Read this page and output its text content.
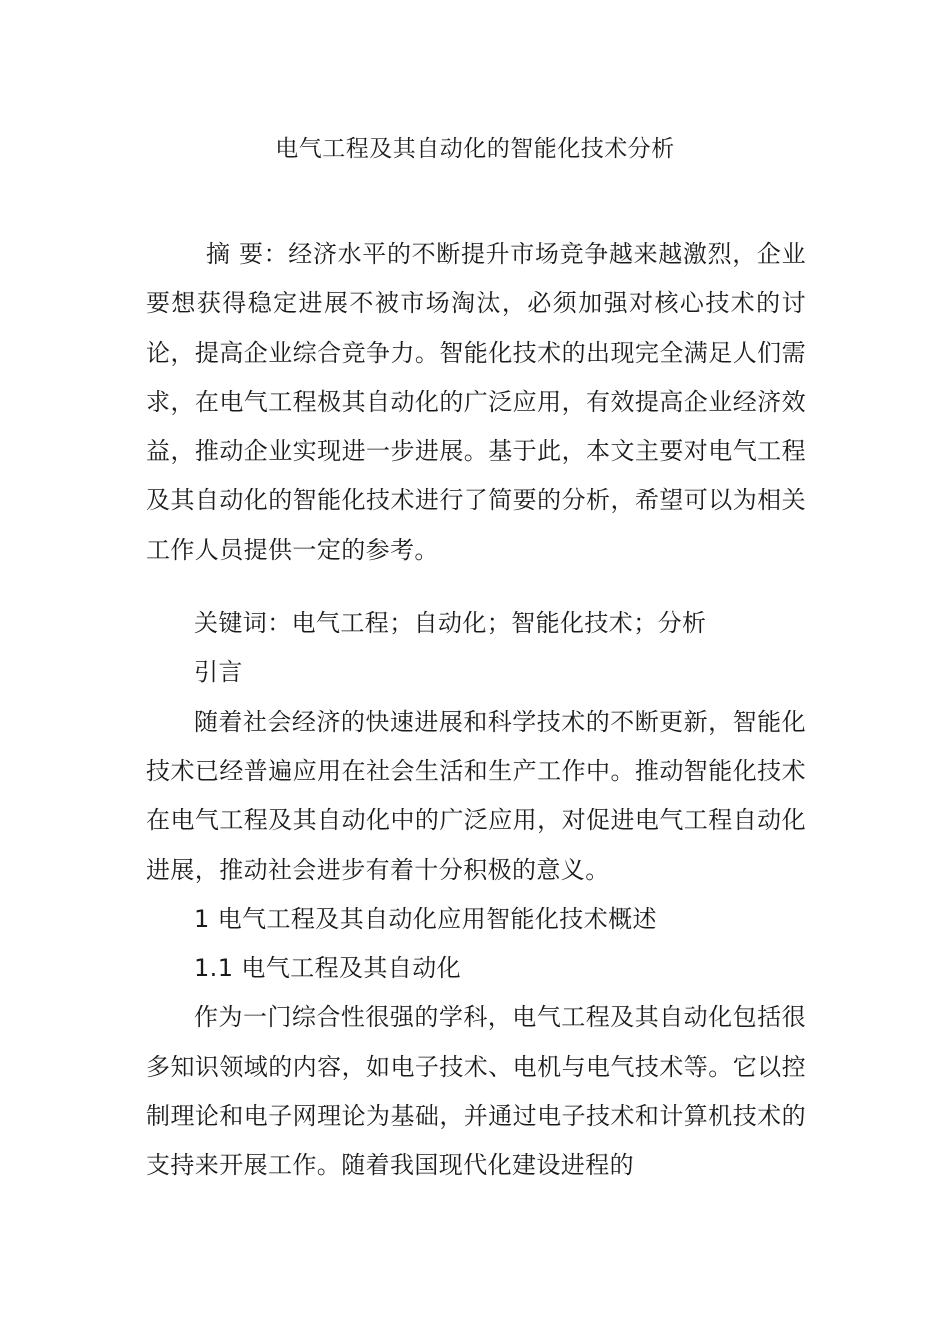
电气工程及其自动化的智能化技术分析

摘 要：经济水平的不断提升市场竞争越来越激烈，企业要想获得稳定进展不被市场淘汰，必须加强对核心技术的讨论，提高企业综合竞争力。智能化技术的出现完全满足人们需求，在电气工程极其自动化的广泛应用，有效提高企业经济效益，推动企业实现进一步进展。基于此，本文主要对电气工程及其自动化的智能化技术进行了简要的分析，希望可以为相关工作人员提供一定的参考。

关键词：电气工程；自动化；智能化技术；分析

引言

随着社会经济的快速进展和科学技术的不断更新，智能化技术已经普遍应用在社会生活和生产工作中。推动智能化技术在电气工程及其自动化中的广泛应用，对促进电气工程自动化进展，推动社会进步有着十分积极的意义。

1 电气工程及其自动化应用智能化技术概述

1.1 电气工程及其自动化

作为一门综合性很强的学科，电气工程及其自动化包括很多知识领域的内容，如电子技术、电机与电气技术等。它以控制理论和电子网理论为基础，并通过电子技术和计算机技术的支持来开展工作。随着我国现代化建设进程的
